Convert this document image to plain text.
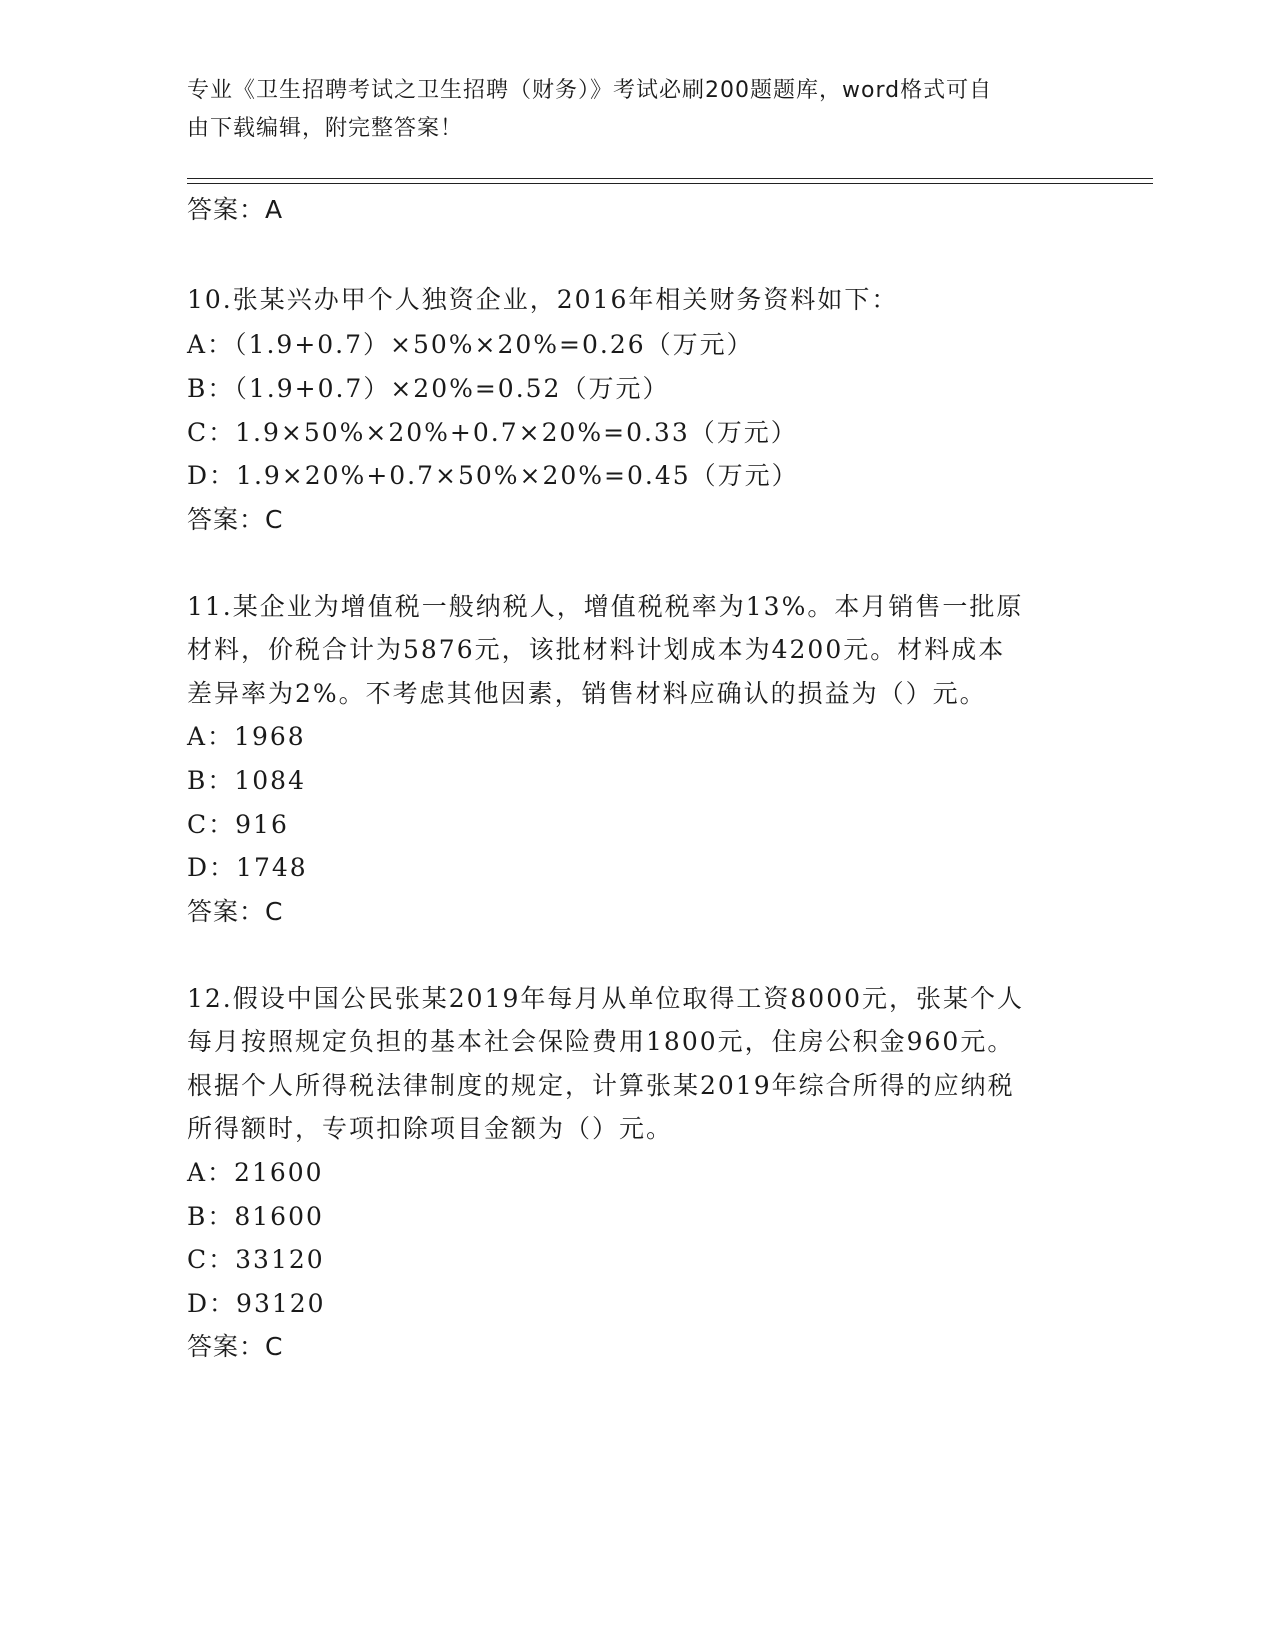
专业《卫生招聘考试之卫生招聘（财务）》考试必刷200题题库，word格式可自
由下载编辑，附完整答案！
答案：A
10.张某兴办甲个人独资企业，2016年相关财务资料如下：
A：（1.9+0.7）×50%×20%=0.26（万元）
B：（1.9+0.7）×20%=0.52（万元）
C：1.9×50%×20%+0.7×20%=0.33（万元）
D：1.9×20%+0.7×50%×20%=0.45（万元）
答案：C
11.某企业为增值税一般纳税人，增值税税率为13%。本月销售一批原
材料，价税合计为5876元，该批材料计划成本为4200元。材料成本
差异率为2%。不考虑其他因素，销售材料应确认的损益为（）元。
A：1968
B：1084
C：916
D：1748
答案：C
12.假设中国公民张某2019年每月从单位取得工资8000元，张某个人
每月按照规定负担的基本社会保险费用1800元，住房公积金960元。
根据个人所得税法律制度的规定，计算张某2019年综合所得的应纳税
所得额时，专项扣除项目金额为（）元。
A：21600
B：81600
C：33120
D：93120
答案：C
